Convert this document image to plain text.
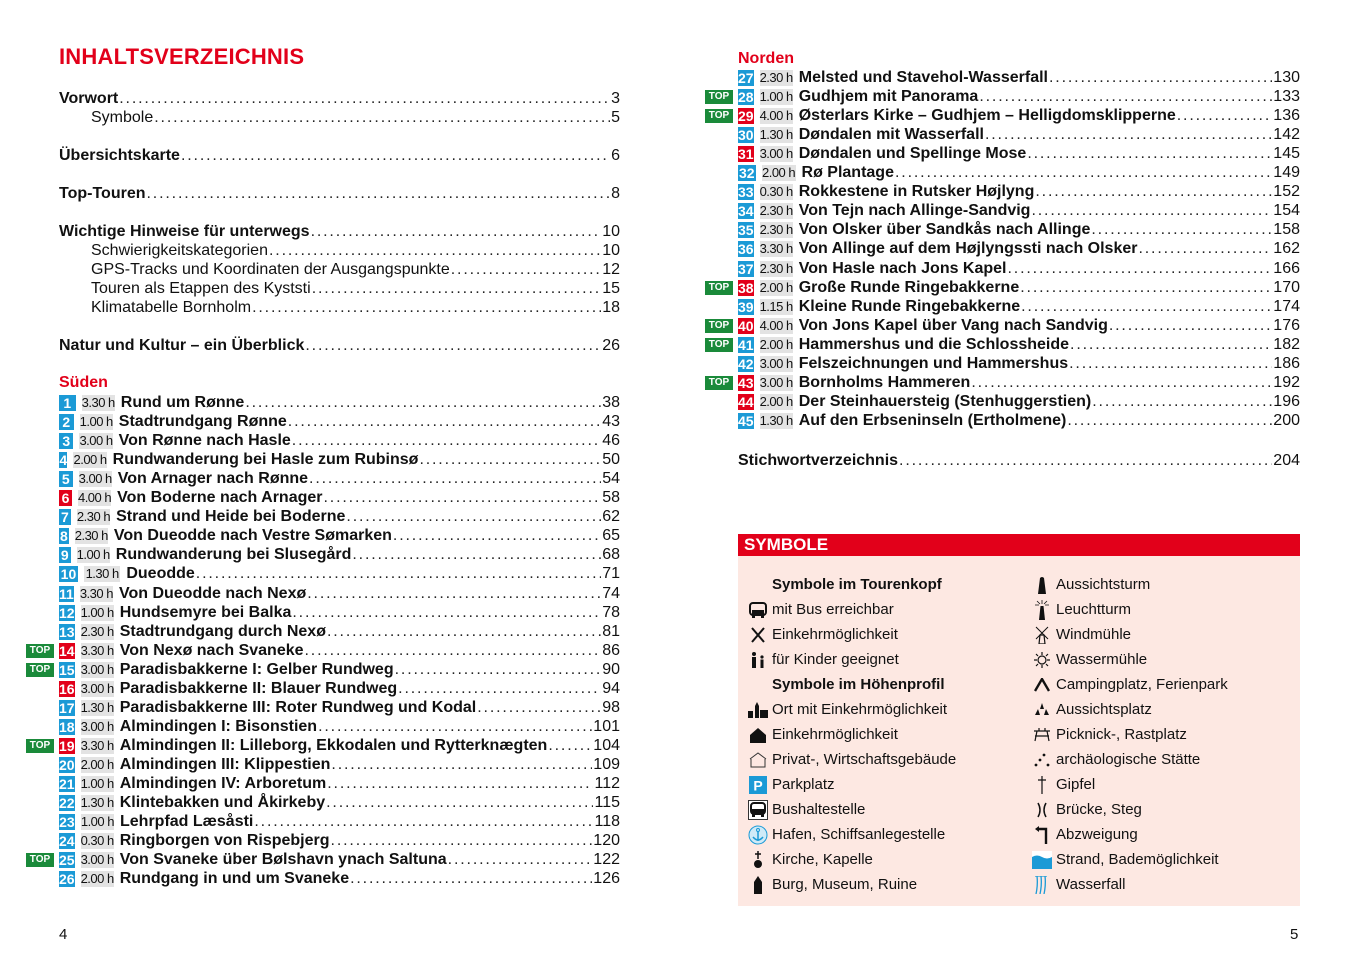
INHALTSVERZEICHNIS
Vorwort . . .	3
Symbole . . .	5
Übersichtskarte . . .	6
Top-Touren . . .	8
Wichtige Hinweise für unterwegs . . .	10
Schwierigkeitskategorien . . .	10
GPS-Tracks und Koordinaten der Ausgangspunkte . . .	12
Touren als Etappen des Kyststi . . .	15
Klimatabelle Bornholm . . .	18
Natur und Kultur – ein Überblick . . .	26
Süden
1 3.30 h Rund um Rønne . . .	38
2 1.00 h Stadtrundgang Rønne . . .	43
3 3.00 h Von Rønne nach Hasle . . .	46
4 2.00 h Rundwanderung bei Hasle zum Rubinsø . . .	50
5 3.00 h Von Arnager nach Rønne . . .	54
6 4.00 h Von Boderne nach Arnager . . .	58
7 2.30 h Strand und Heide bei Boderne . . .	62
8 2.30 h Von Dueodde nach Vestre Sømarken . . .	65
9 1.00 h Rundwanderung bei Slusegård . . .	68
10 1.30 h Dueodde . . .	71
11 3.30 h Von Dueodde nach Nexø . . .	74
12 1.00 h Hundsemyre bei Balka . . .	78
13 2.30 h Stadtrundgang durch Nexø . . .	81
TOP 14 3.30 h Von Nexø nach Svaneke . . .	86
TOP 15 3.00 h Paradisbakkerne I: Gelber Rundweg . . .	90
16 3.00 h Paradisbakkerne II: Blauer Rundweg . . .	94
17 1.30 h Paradisbakkerne III: Roter Rundweg und Kodal . . .	98
18 3.00 h Almindingen I: Bisonstien . . .	101
TOP 19 3.30 h Almindingen II: Lilleborg, Ekkodalen und Rytterknægten . . .	104
20 2.00 h Almindingen III: Klippestien . . .	109
21 1.00 h Almindingen IV: Arboretum . . .	112
22 1.30 h Klintebakken und Åkirkeby . . .	115
23 1.00 h Lehrpfad Læsåsti . . .	118
24 0.30 h Ringborgen von Rispebjerg . . .	120
TOP 25 3.00 h Von Svaneke über Bølshavn ynach Saltuna . . .	122
26 2.00 h Rundgang in und um Svaneke . . .	126
4
Norden
27 2.30 h Melsted und Stavehol-Wasserfall . . .	130
TOP 28 1.00 h Gudhjem mit Panorama . . .	133
TOP 29 4.00 h Østerlars Kirke – Gudhjem – Helligdomsklipperne . . .	136
30 1.30 h Døndalen mit Wasserfall . . .	142
31 3.00 h Døndalen und Spellinge Mose . . .	145
32 2.00 h Rø Plantage . . .	149
33 0.30 h Rokkestene in Rutsker Højlyng . . .	152
34 2.30 h Von Tejn nach Allinge-Sandvig . . .	154
35 2.30 h Von Olsker über Sandkås nach Allinge . . .	158
36 3.30 h Von Allinge auf dem Højlyngssti nach Olsker . . .	162
37 2.30 h Von Hasle nach Jons Kapel . . .	166
TOP 38 2.00 h Große Runde Ringebakkerne . . .	170
39 1.15 h Kleine Runde Ringebakkerne . . .	174
TOP 40 4.00 h Von Jons Kapel über Vang nach Sandvig . . .	176
TOP 41 2.00 h Hammershus und die Schlossheide . . .	182
42 3.00 h Felszeichnungen und Hammershus . . .	186
TOP 43 3.00 h Bornholms Hammeren . . .	192
44 2.00 h Der Steinhauersteig (Stenhuggerstien) . . .	196
45 1.30 h Auf den Erbseninseln (Ertholmene) . . .	200
Stichwortverzeichnis . . .	204
5
SYMBOLE
Symbole im Tourenkopf
mit Bus erreichbar
Einkehrmöglichkeit
für Kinder geeignet
Symbole im Höhenprofil
Ort mit Einkehrmöglichkeit
Einkehrmöglichkeit
Privat-, Wirtschaftsgebäude
P Parkplatz
Bushaltestelle
Hafen, Schiffsanlegestelle
Kirche, Kapelle
Burg, Museum, Ruine
Aussichtsturm
Leuchtturm
Windmühle
Wassermühle
Campingplatz, Ferienpark
Aussichtsplatz
Picknick-, Rastplatz
archäologische Stätte
Gipfel
Brücke, Steg
Abzweigung
Strand, Bademöglichkeit
Wasserfall
